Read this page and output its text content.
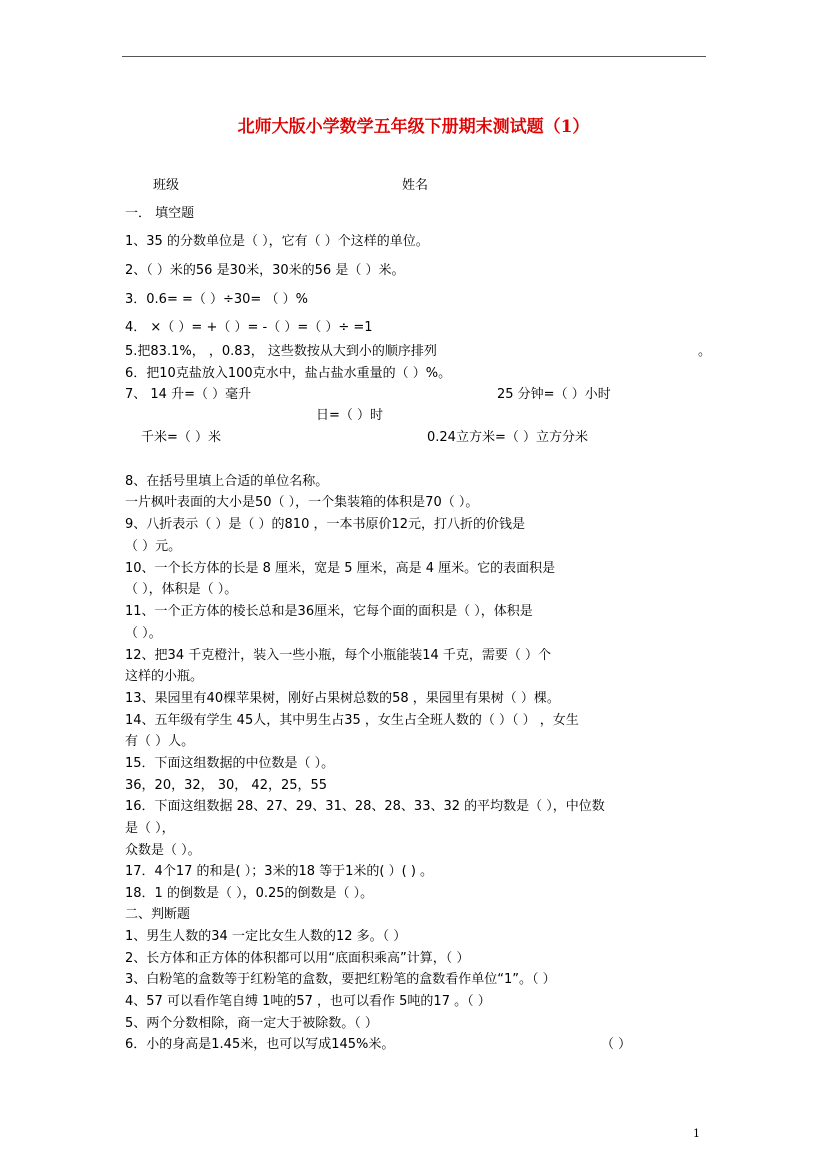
北师大版小学数学五年级下册期末测试题（1）
班级	姓名
一． 填空题
1、35 的分数单位是（ ），它有（ ）个这样的单位。
2、（ ）米的56 是30米，30米的56 是（ ）米。
3．0.6= =（ ）÷30= （ ）%
4． ×（ ）= +（ ）= -（ ）=（ ）÷ =1
5.把83.1%， ，0.83， 这些数按从大到小的顺序排列	。
6．把10克盐放入100克水中，盐占盐水重量的（ ）%。
7、 14 升=（ ）毫升	25 分钟=（ ）小时
日=（ ）时
千米=（ ）米	0.24立方米=（ ）立方分米
8、在括号里填上合适的单位名称。
一片枫叶表面的大小是50（ ），一个集装箱的体积是70（ ）。
9、八折表示（ ）是（ ）的810 ，一本书原价12元，打八折的价钱是
（ ）元。
10、一个长方体的长是 8 厘米，宽是 5 厘米，高是 4 厘米。它的表面积是
（ ），体积是（ ）。
11、一个正方体的棱长总和是36厘米，它每个面的面积是（ ），体积是
（ ）。
12、把34 千克橙汁，装入一些小瓶，每个小瓶能装14 千克，需要（ ）个
这样的小瓶。
13、果园里有40棵苹果树，刚好占果树总数的58 ，果园里有果树（ ）棵。
14、五年级有学生 45人，其中男生占35 ，女生占全班人数的（ ）（ ） ，女生
有（ ）人。
15．下面这组数据的中位数是（ ）。
36，20，32， 30， 42，25，55
16．下面这组数据 28、27、29、31、28、28、33、32 的平均数是（ ），中位数
是（ ），
众数是（ ）。
17．4个17 的和是( ）；3米的18 等于1米的( ）( ) 。
18．1 的倒数是（ ），0.25的倒数是（ ）。
二、判断题
1、男生人数的34 一定比女生人数的12 多。（ ）
2、长方体和正方体的体积都可以用“底面积乘高”计算，（ ）
3、白粉笔的盒数等于红粉笔的盒数，要把红粉笔的盒数看作单位“1”。（ ）
4、57 可以看作笔自缚 1吨的57 ，也可以看作 5吨的17 。（ ）
5、两个分数相除，商一定大于被除数。（ ）
6．小的身高是1.45米，也可以写成145%米。	（ ）
1
